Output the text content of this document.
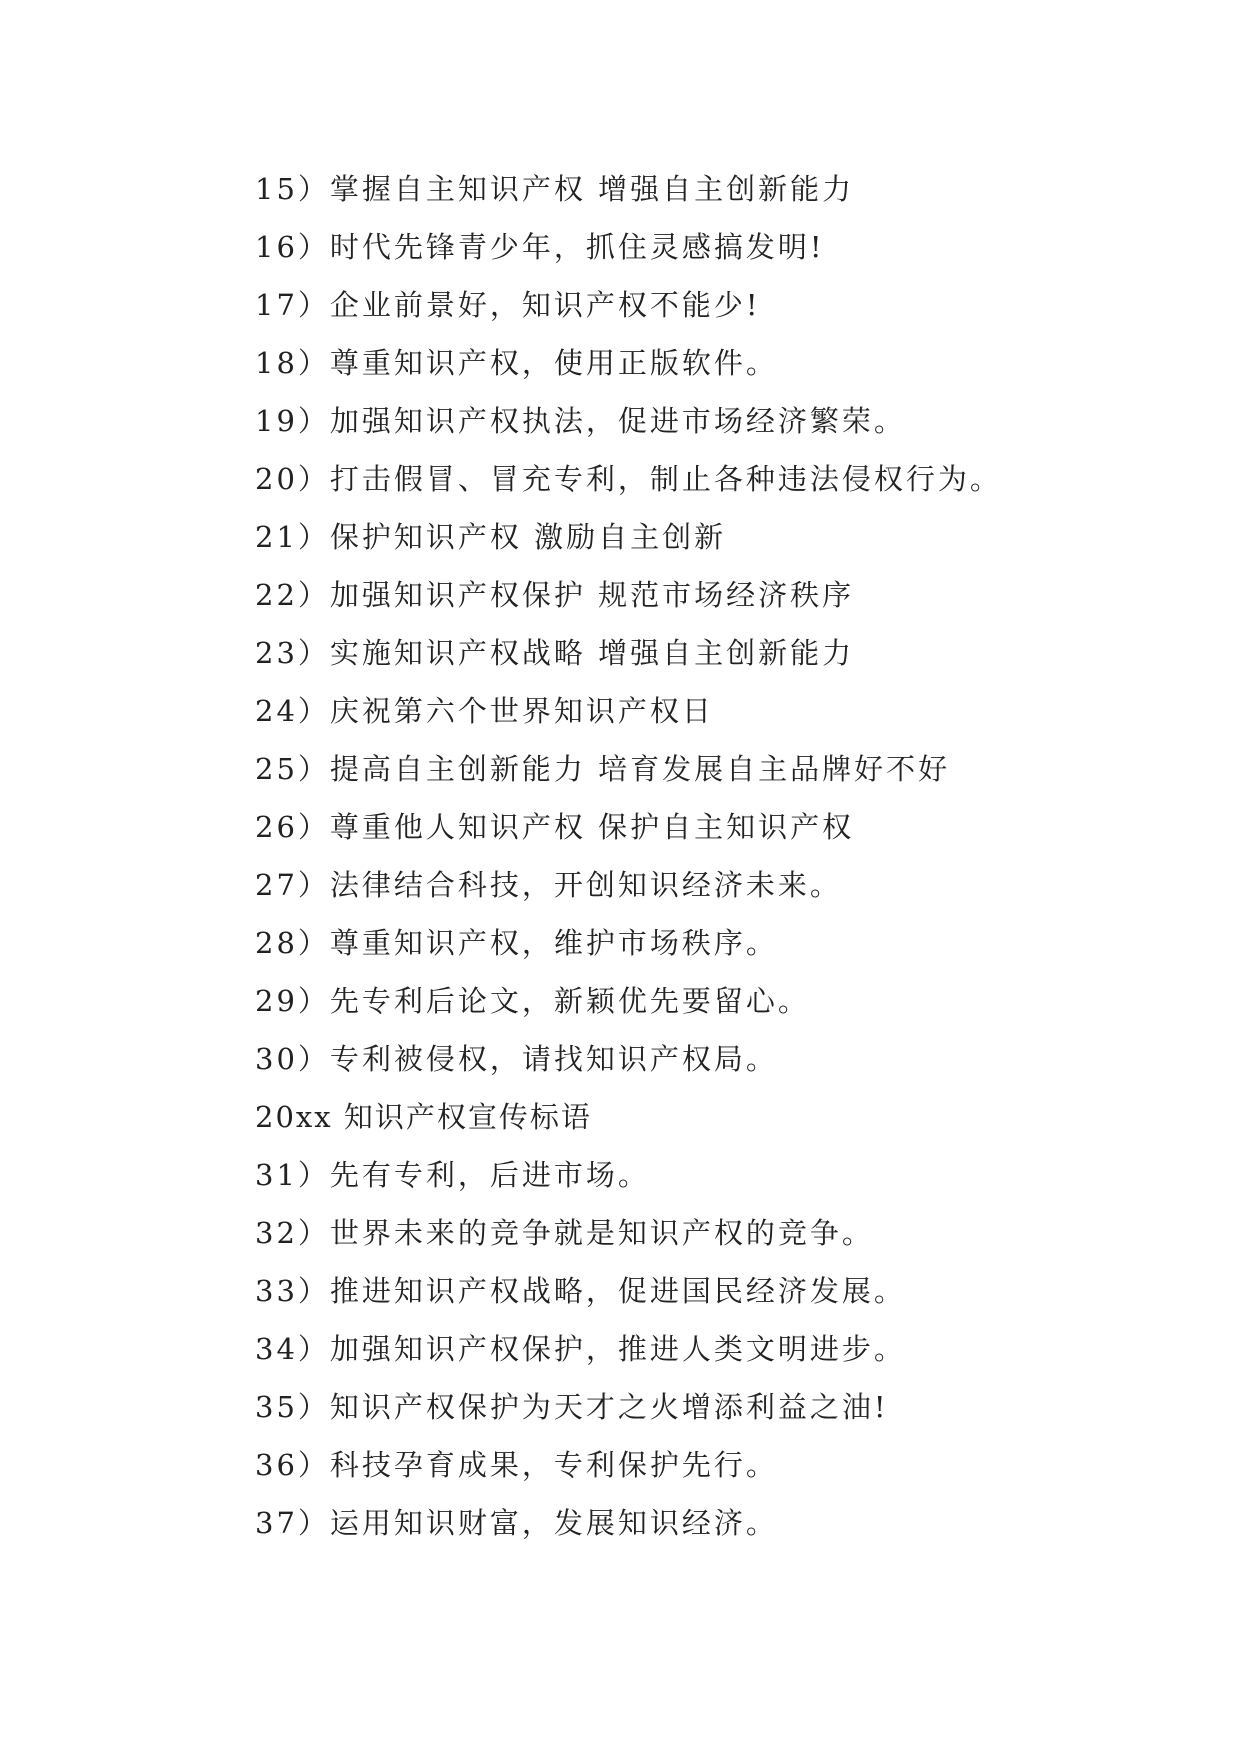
15）掌握自主知识产权 增强自主创新能力
16）时代先锋青少年，抓住灵感搞发明!
17）企业前景好，知识产权不能少!
18）尊重知识产权，使用正版软件。
19）加强知识产权执法，促进市场经济繁荣。
20）打击假冒、冒充专利，制止各种违法侵权行为。
21）保护知识产权 激励自主创新
22）加强知识产权保护 规范市场经济秩序
23）实施知识产权战略 增强自主创新能力
24）庆祝第六个世界知识产权日
25）提高自主创新能力 培育发展自主品牌好不好
26）尊重他人知识产权 保护自主知识产权
27）法律结合科技，开创知识经济未来。
28）尊重知识产权，维护市场秩序。
29）先专利后论文，新颖优先要留心。
30）专利被侵权，请找知识产权局。
20xx 知识产权宣传标语
31）先有专利，后进市场。
32）世界未来的竞争就是知识产权的竞争。
33）推进知识产权战略，促进国民经济发展。
34）加强知识产权保护，推进人类文明进步。
35）知识产权保护为天才之火增添利益之油!
36）科技孕育成果，专利保护先行。
37）运用知识财富，发展知识经济。
